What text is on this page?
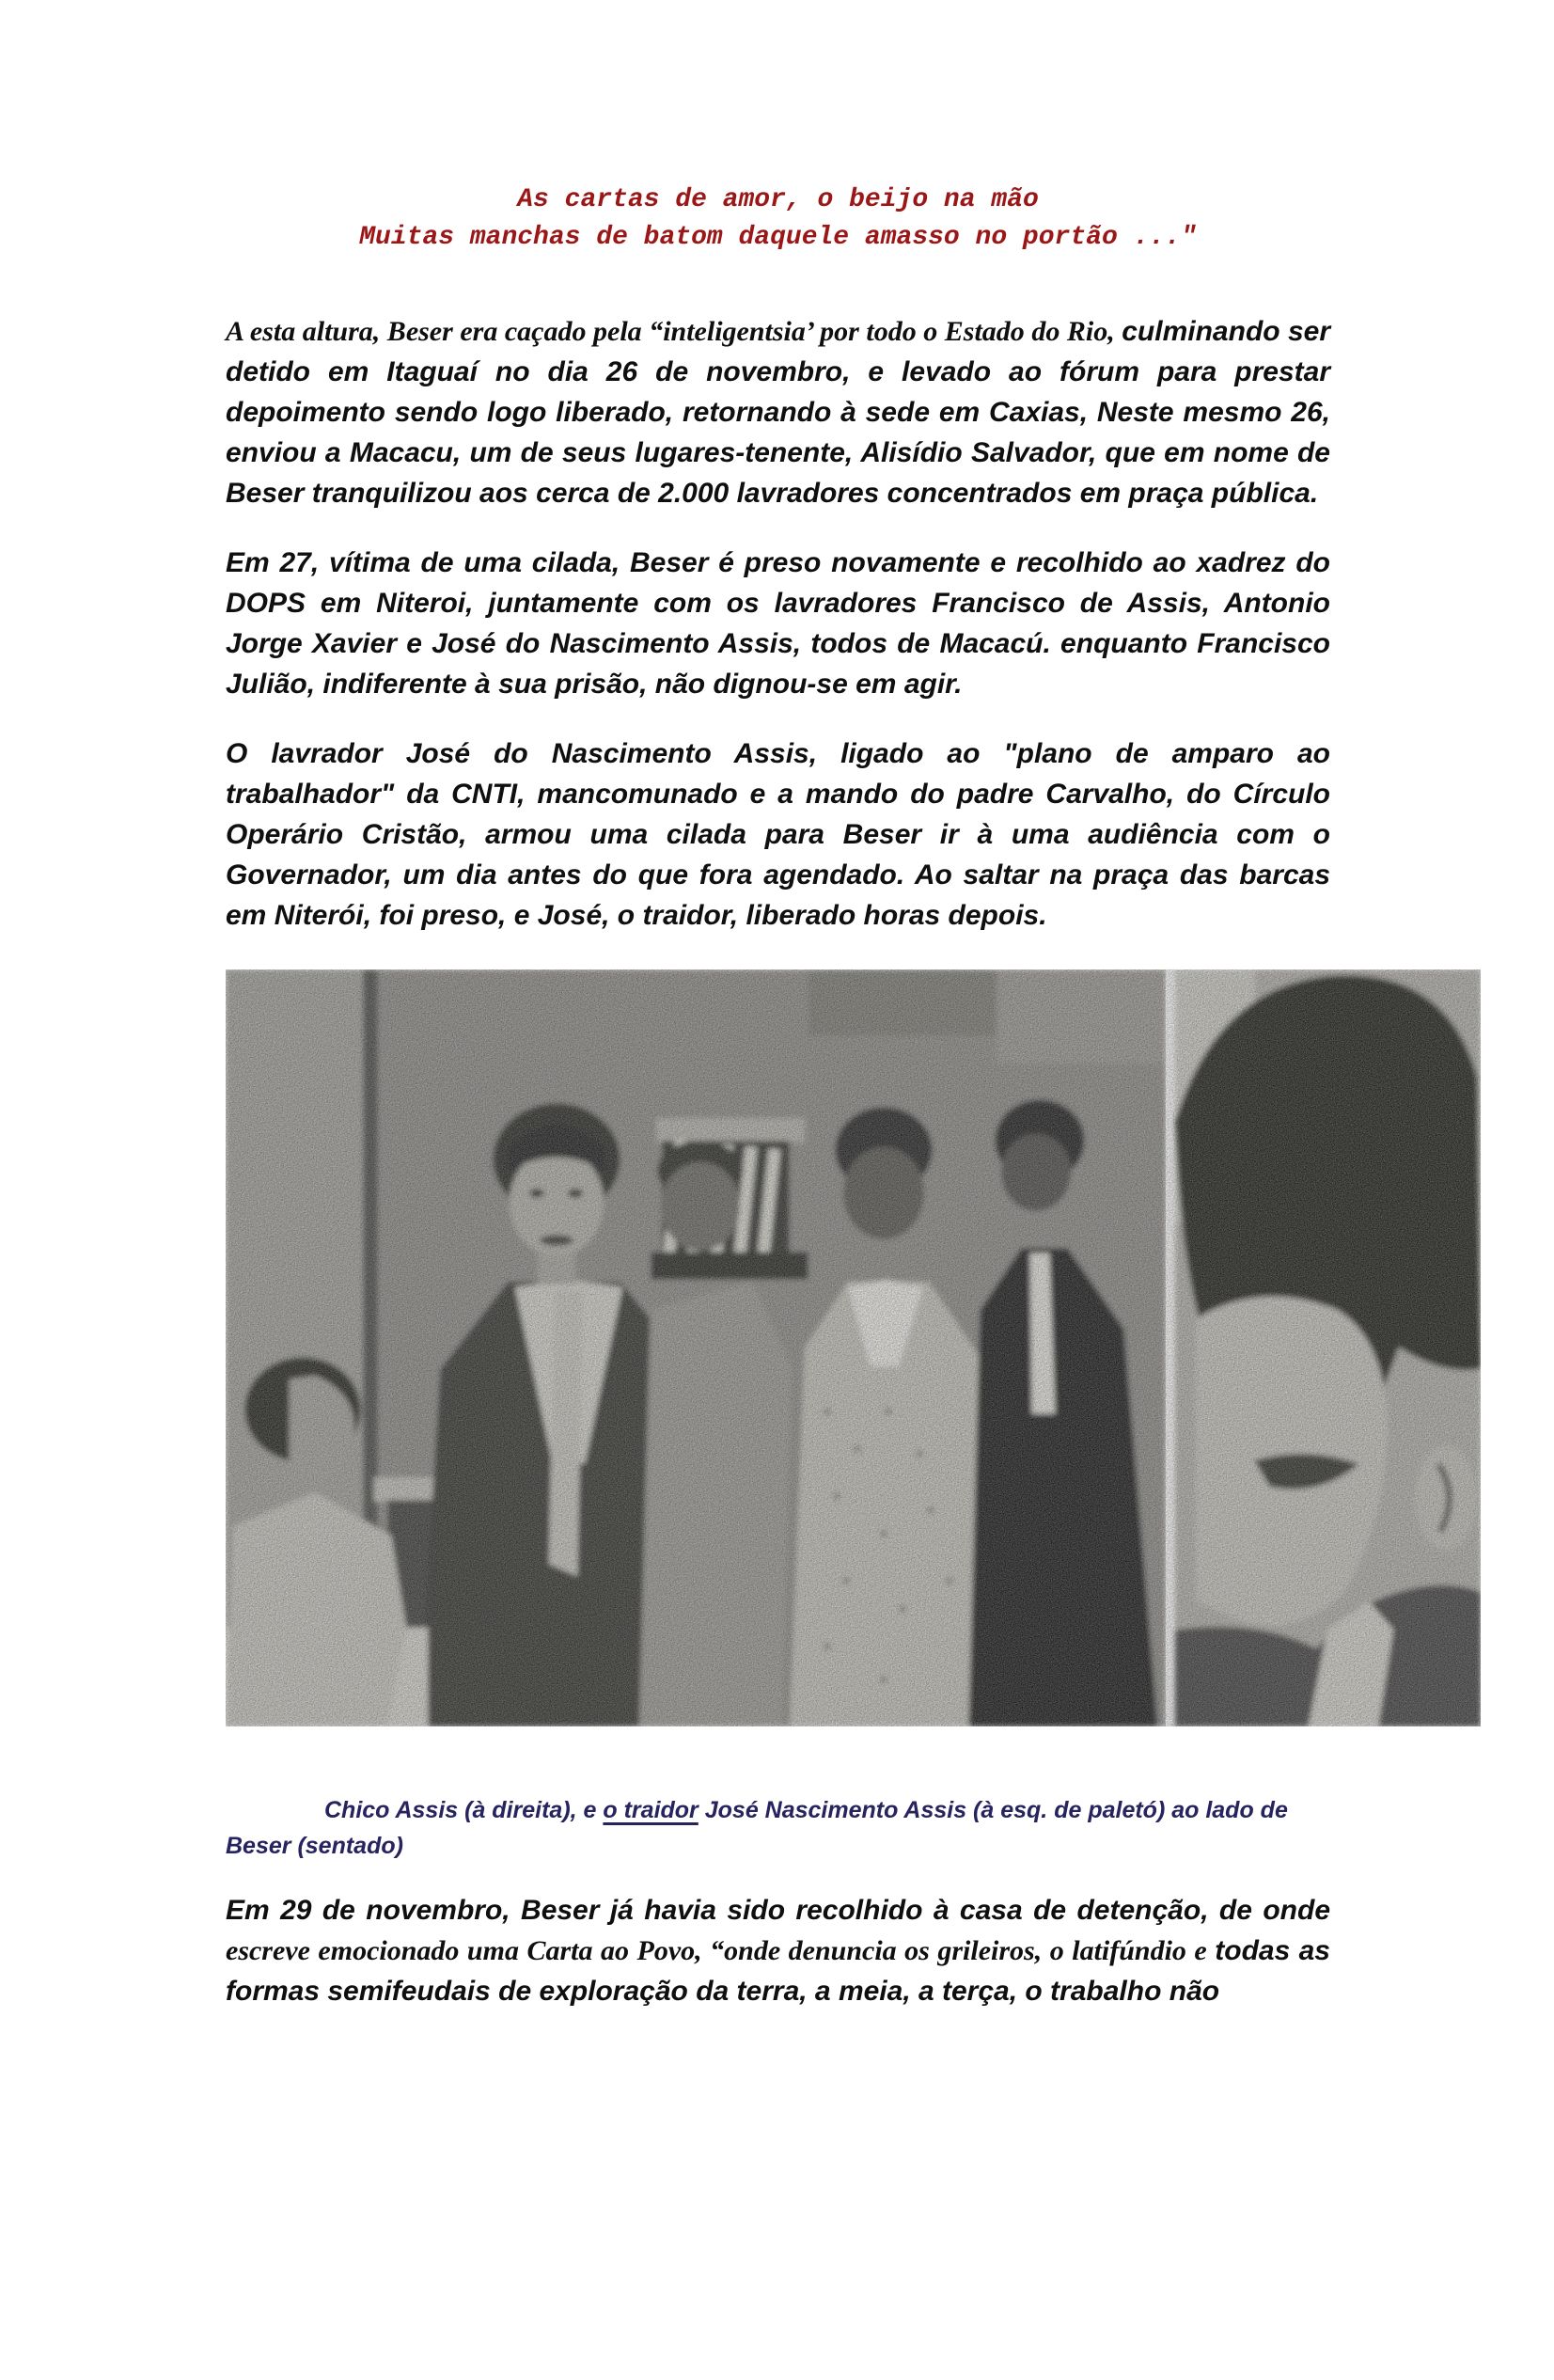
As cartas de amor, o beijo na mão
Muitas manchas de batom daquele amasso no portão ..."

A esta altura, Beser era caçado pela “inteligentsia’ por todo o Estado do Rio, culminando ser detido em Itaguaí no dia 26 de novembro, e levado ao fórum para prestar depoimento sendo logo liberado, retornando à sede em Caxias, Neste mesmo 26, enviou a Macacu, um de seus lugares-tenente, Alisídio Salvador, que em nome de Beser tranquilizou aos cerca de 2.000 lavradores concentrados em praça pública.

Em 27, vítima de uma cilada, Beser é preso novamente e recolhido ao xadrez do DOPS em Niteroi, juntamente com os lavradores Francisco de Assis, Antonio Jorge Xavier e José do Nascimento Assis, todos de Macacú. enquanto Francisco Julião, indiferente à sua prisão, não dignou-se em agir.

O lavrador José do Nascimento Assis, ligado ao "plano de amparo ao trabalhador" da CNTI, mancomunado e a mando do padre Carvalho, do Círculo Operário Cristão, armou uma cilada para Beser ir à uma audiência com o Governador, um dia antes do que fora agendado. Ao saltar na praça das barcas em Niterói, foi preso, e José, o traidor, liberado horas depois.

Chico Assis (à direita), e o traidor José Nascimento Assis (à esq. de paletó) ao lado de Beser (sentado)

Em 29 de novembro, Beser já havia sido recolhido à casa de detenção, de onde escreve emocionado uma Carta ao Povo, “onde denuncia os grileiros, o latifúndio e todas as formas semifeudais de exploração da terra, a meia, a terça, o trabalho não
